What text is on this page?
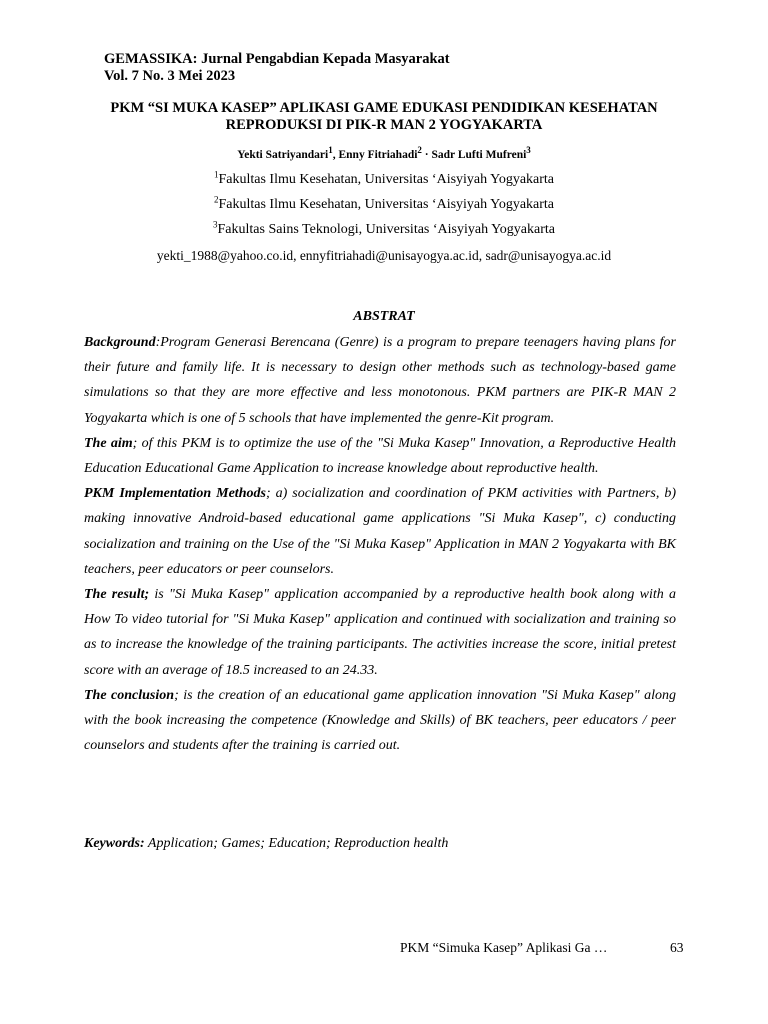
GEMASSIKA: Jurnal Pengabdian Kepada Masyarakat
Vol. 7 No. 3 Mei 2023
PKM “SI MUKA KASEP” APLIKASI GAME EDUKASI PENDIDIKAN KESEHATAN
REPRODUKSI DI PIK-R MAN 2 YOGYAKARTA
Yekti Satriyandari$^1$, Enny Fitriahadi$^2$ · Sadr Lufti Mufreni$^3$
$^1$Fakultas Ilmu Kesehatan, Universitas ‘Aisyiyah Yogyakarta
$^2$Fakultas Ilmu Kesehatan, Universitas ‘Aisyiyah Yogyakarta
$^3$Fakultas Sains Teknologi, Universitas ‘Aisyiyah Yogyakarta
yekti_1988@yahoo.co.id, ennyfitriahadi@unisayogya.ac.id, sadr@unisayogya.ac.id
ABSTRAT

Background:Program Generasi Berencana (Genre) is a program to prepare teenagers having plans for their future and family life. It is necessary to design other methods such as technology-based game simulations so that they are more effective and less monotonous. PKM partners are PIK-R MAN 2 Yogyakarta which is one of 5 schools that have implemented the genre-Kit program.

The aim; of this PKM is to optimize the use of the "Si Muka Kasep" Innovation, a Reproductive Health Education Educational Game Application to increase knowledge about reproductive health.

PKM Implementation Methods; a) socialization and coordination of PKM activities with Partners, b) making innovative Android-based educational game applications "Si Muka Kasep", c) conducting socialization and training on the Use of the "Si Muka Kasep" Application in MAN 2 Yogyakarta with BK teachers, peer educators or peer counselors.

The result; is "Si Muka Kasep" application accompanied by a reproductive health book along with a How To video tutorial for "Si Muka Kasep" application and continued with socialization and training so as to increase the knowledge of the training participants. The activities increase the score, initial pretest score with an average of 18.5 increased to an 24.33.

The conclusion; is the creation of an educational game application innovation "Si Muka Kasep" along with the book increasing the competence (Knowledge and Skills) of BK teachers, peer educators / peer counselors and students after the training is carried out.

Keywords: Application; Games; Education; Reproduction health
PKM “Simuka Kasep” Aplikasi Ga …	63
